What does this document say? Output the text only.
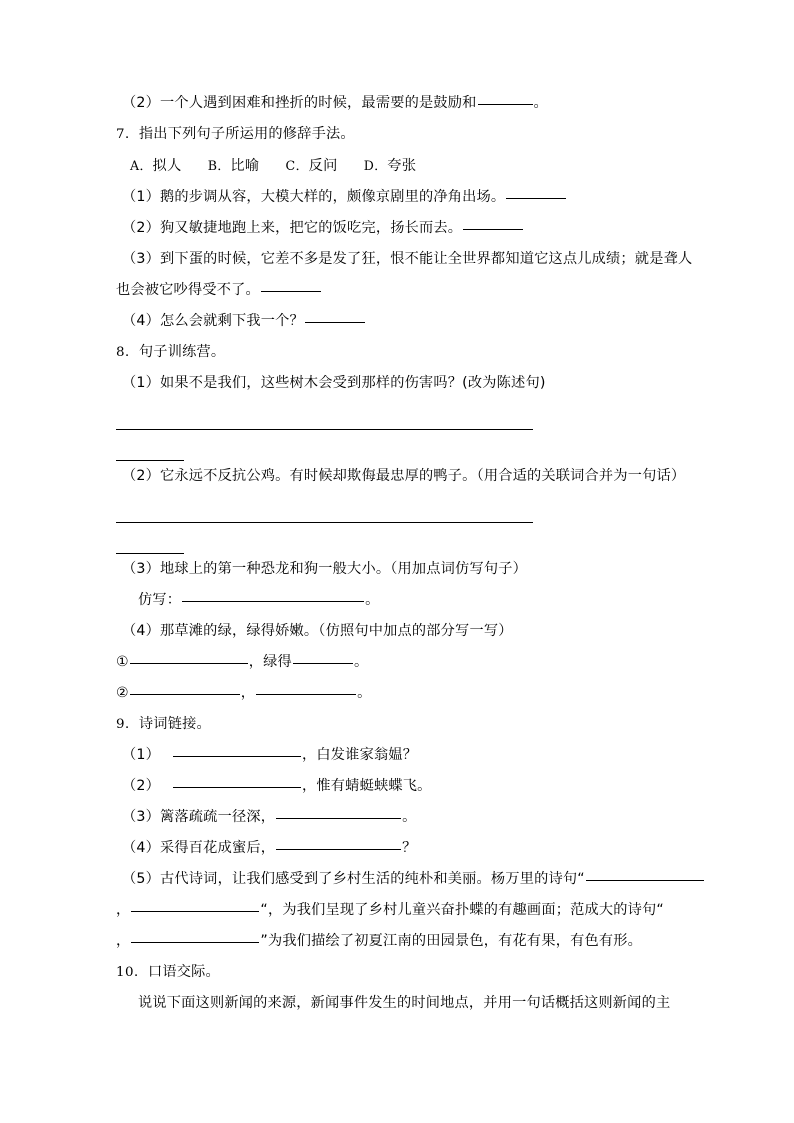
（2）一个人遇到困难和挫折的时候，最需要的是鼓励和	。
7．指出下列句子所运用的修辞手法。
A．拟人 B．比喻 C．反问 D．夸张
（1）鹅的步调从容，大模大样的，颇像京剧里的净角出场。
（2）狗又敏捷地跑上来，把它的饭吃完，扬长而去。
（3）到下蛋的时候，它差不多是发了狂，恨不能让全世界都知道它这点儿成绩；就是聋人
也会被它吵得受不了。
（4）怎么会就剩下我一个？
8．句子训练营。
（1）如果不是我们，这些树木会受到那样的伤害吗？(改为陈述句)
（2）它永远不反抗公鸡。有时候却欺侮最忠厚的鸭子。（用合适的关联词合并为一句话）
（3）地球上的第一种恐龙和狗一般大小。（用加点词仿写句子）
仿写：	。
（4）那草滩的绿，绿得娇嫩。（仿照句中加点的部分写一写）
①	，绿得	。
②	，	。
9．诗词链接。
（1）	，白发谁家翁媪？
（2）	，惟有蜻蜓蛱蝶飞。
（3）篱落疏疏一径深，	。
（4）采得百花成蜜后，	？
（5）古代诗词，让我们感受到了乡村生活的纯朴和美丽。杨万里的诗句“
，	“，为我们呈现了乡村儿童兴奋扑蝶的有趣画面；范成大的诗句“
，	”为我们描绘了初夏江南的田园景色，有花有果，有色有形。
10．口语交际。
说说下面这则新闻的来源，新闻事件发生的时间地点，并用一句话概括这则新闻的主
